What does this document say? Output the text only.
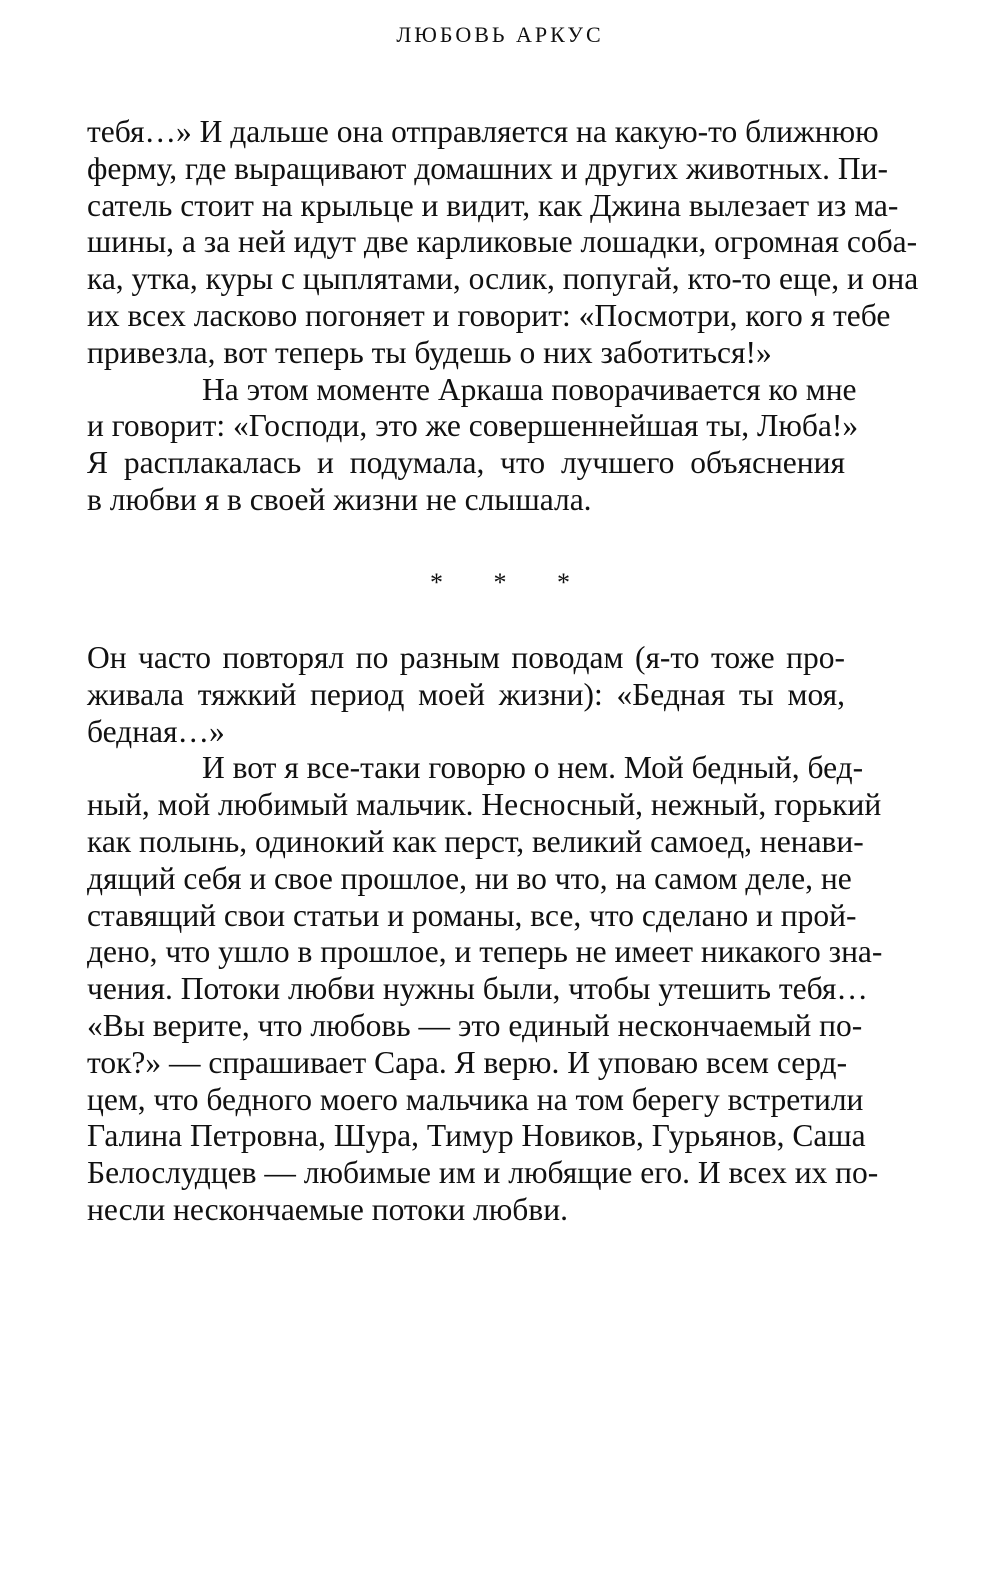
ЛЮБОВЬ АРКУС
тебя…» И дальше она отправляется на какую-то ближнюю
ферму, где выращивают домашних и других животных. Пи-
сатель стоит на крыльце и видит, как Джина вылезает из ма-
шины, а за ней идут две карликовые лошадки, огромная соба-
ка, утка, куры с цыплятами, ослик, попугай, кто-то еще, и она
их всех ласково погоняет и говорит: «Посмотри, кого я тебе
привезла, вот теперь ты будешь о них заботиться!»
На этом моменте Аркаша поворачивается ко мне
и говорит: «Господи, это же совершеннейшая ты, Люба!»
Я расплакалась и подумала, что лучшего объяснения
в любви я в своей жизни не слышала.
* * *
Он часто повторял по разным поводам (я-то тоже про-
живала тяжкий период моей жизни): «Бедная ты моя,
бедная…»
И вот я все-таки говорю о нем. Мой бедный, бед-
ный, мой любимый мальчик. Несносный, нежный, горький
как полынь, одинокий как перст, великий самоед, ненави-
дящий себя и свое прошлое, ни во что, на самом деле, не
ставящий свои статьи и романы, все, что сделано и прой-
дено, что ушло в прошлое, и теперь не имеет никакого зна-
чения. Потоки любви нужны были, чтобы утешить тебя…
«Вы верите, что любовь — это единый нескончаемый по-
ток?» — спрашивает Сара. Я верю. И уповаю всем серд-
цем, что бедного моего мальчика на том берегу встретили
Галина Петровна, Шура, Тимур Новиков, Гурьянов, Саша
Белослудцев — любимые им и любящие его. И всех их по-
несли нескончаемые потоки любви.
